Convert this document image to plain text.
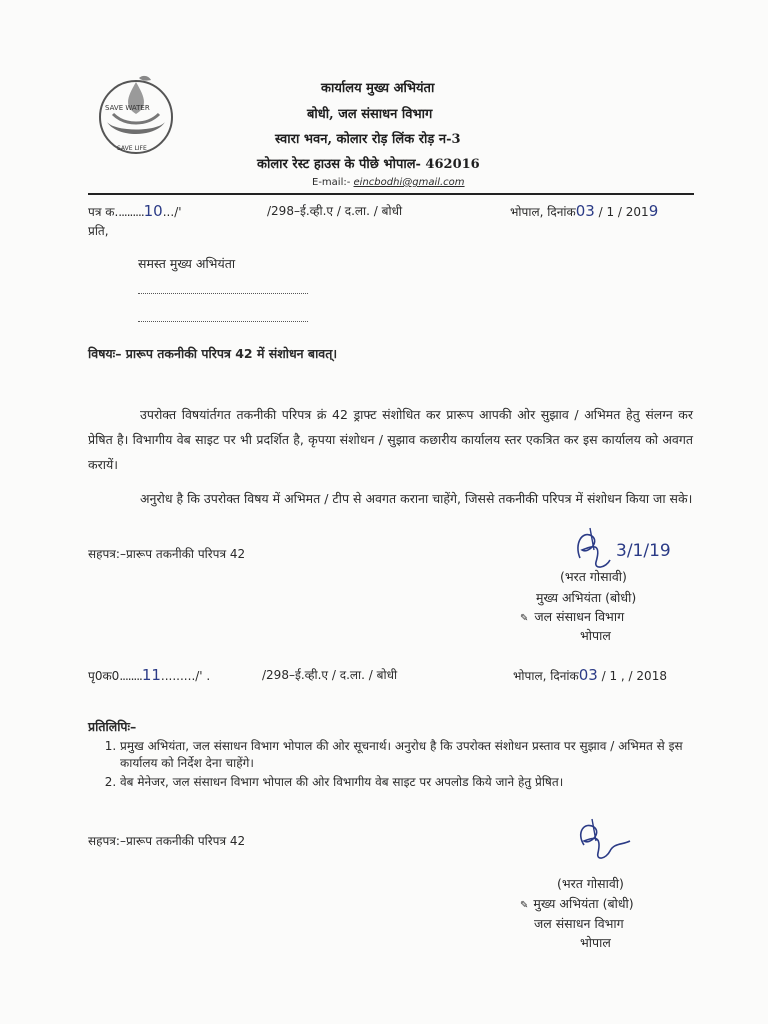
SAVE WATER
SAVE LIFE
कार्यालय मुख्य अभियंता
बोधी, जल संसाधन विभाग
स्वारा भवन, कोलार रोड़ लिंक रोड़ न-3
कोलार रेस्ट हाउस के पीछे भोपाल- 462016
E-mail:- eincbodhi@gmail.com
पत्र क..........10.../'	/298–ई.व्ही.ए / द.ला. / बोधी	भोपाल, दिनांक03 / 1 / 2019
प्रति,
समस्त मुख्य अभियंता
विषयः– प्रारूप तकनीकी परिपत्र 42 में संशोधन बावत्।
उपरोक्त विषयांर्तगत तकनीकी परिपत्र क्रं 42 ड्राफ्ट संशोधित कर प्रारूप आपकी ओर सुझाव / अभिमत हेतु संलग्न कर प्रेषित है। विभागीय वेब साइट पर भी प्रदर्शित है, कृपया संशोधन / सुझाव कछारीय कार्यालय स्तर एकत्रित कर इस कार्यालय को अवगत करायें।
अनुरोध है कि उपरोक्त विषय में अभिमत / टीप से अवगत कराना चाहेंगे, जिससे तकनीकी परिपत्र में संशोधन किया जा सके।
सहपत्र:–प्रारूप तकनीकी परिपत्र 42	3/1/19
(भरत गोसावी)
मुख्य अभियंता (बोधी)
✎ जल संसाधन विभाग
भोपाल
पृ0क0........11........./' .	/298–ई.व्ही.ए / द.ला. / बोधी	भोपाल, दिनांक03 / 1 , / 2018
प्रतिलिपिः–
1. प्रमुख अभियंता, जल संसाधन विभाग भोपाल की ओर सूचनार्थ। अनुरोध है कि उपरोक्त संशोधन प्रस्ताव पर सुझाव / अभिमत से इस कार्यालय को निर्देश देना चाहेंगे।
2. वेब मेनेजर, जल संसाधन विभाग भोपाल की ओर विभागीय वेब साइट पर अपलोड किये जाने हेतु प्रेषित।
सहपत्र:–प्रारूप तकनीकी परिपत्र 42
(भरत गोसावी)
✎ मुख्य अभियंता (बोधी)
जल संसाधन विभाग
भोपाल
